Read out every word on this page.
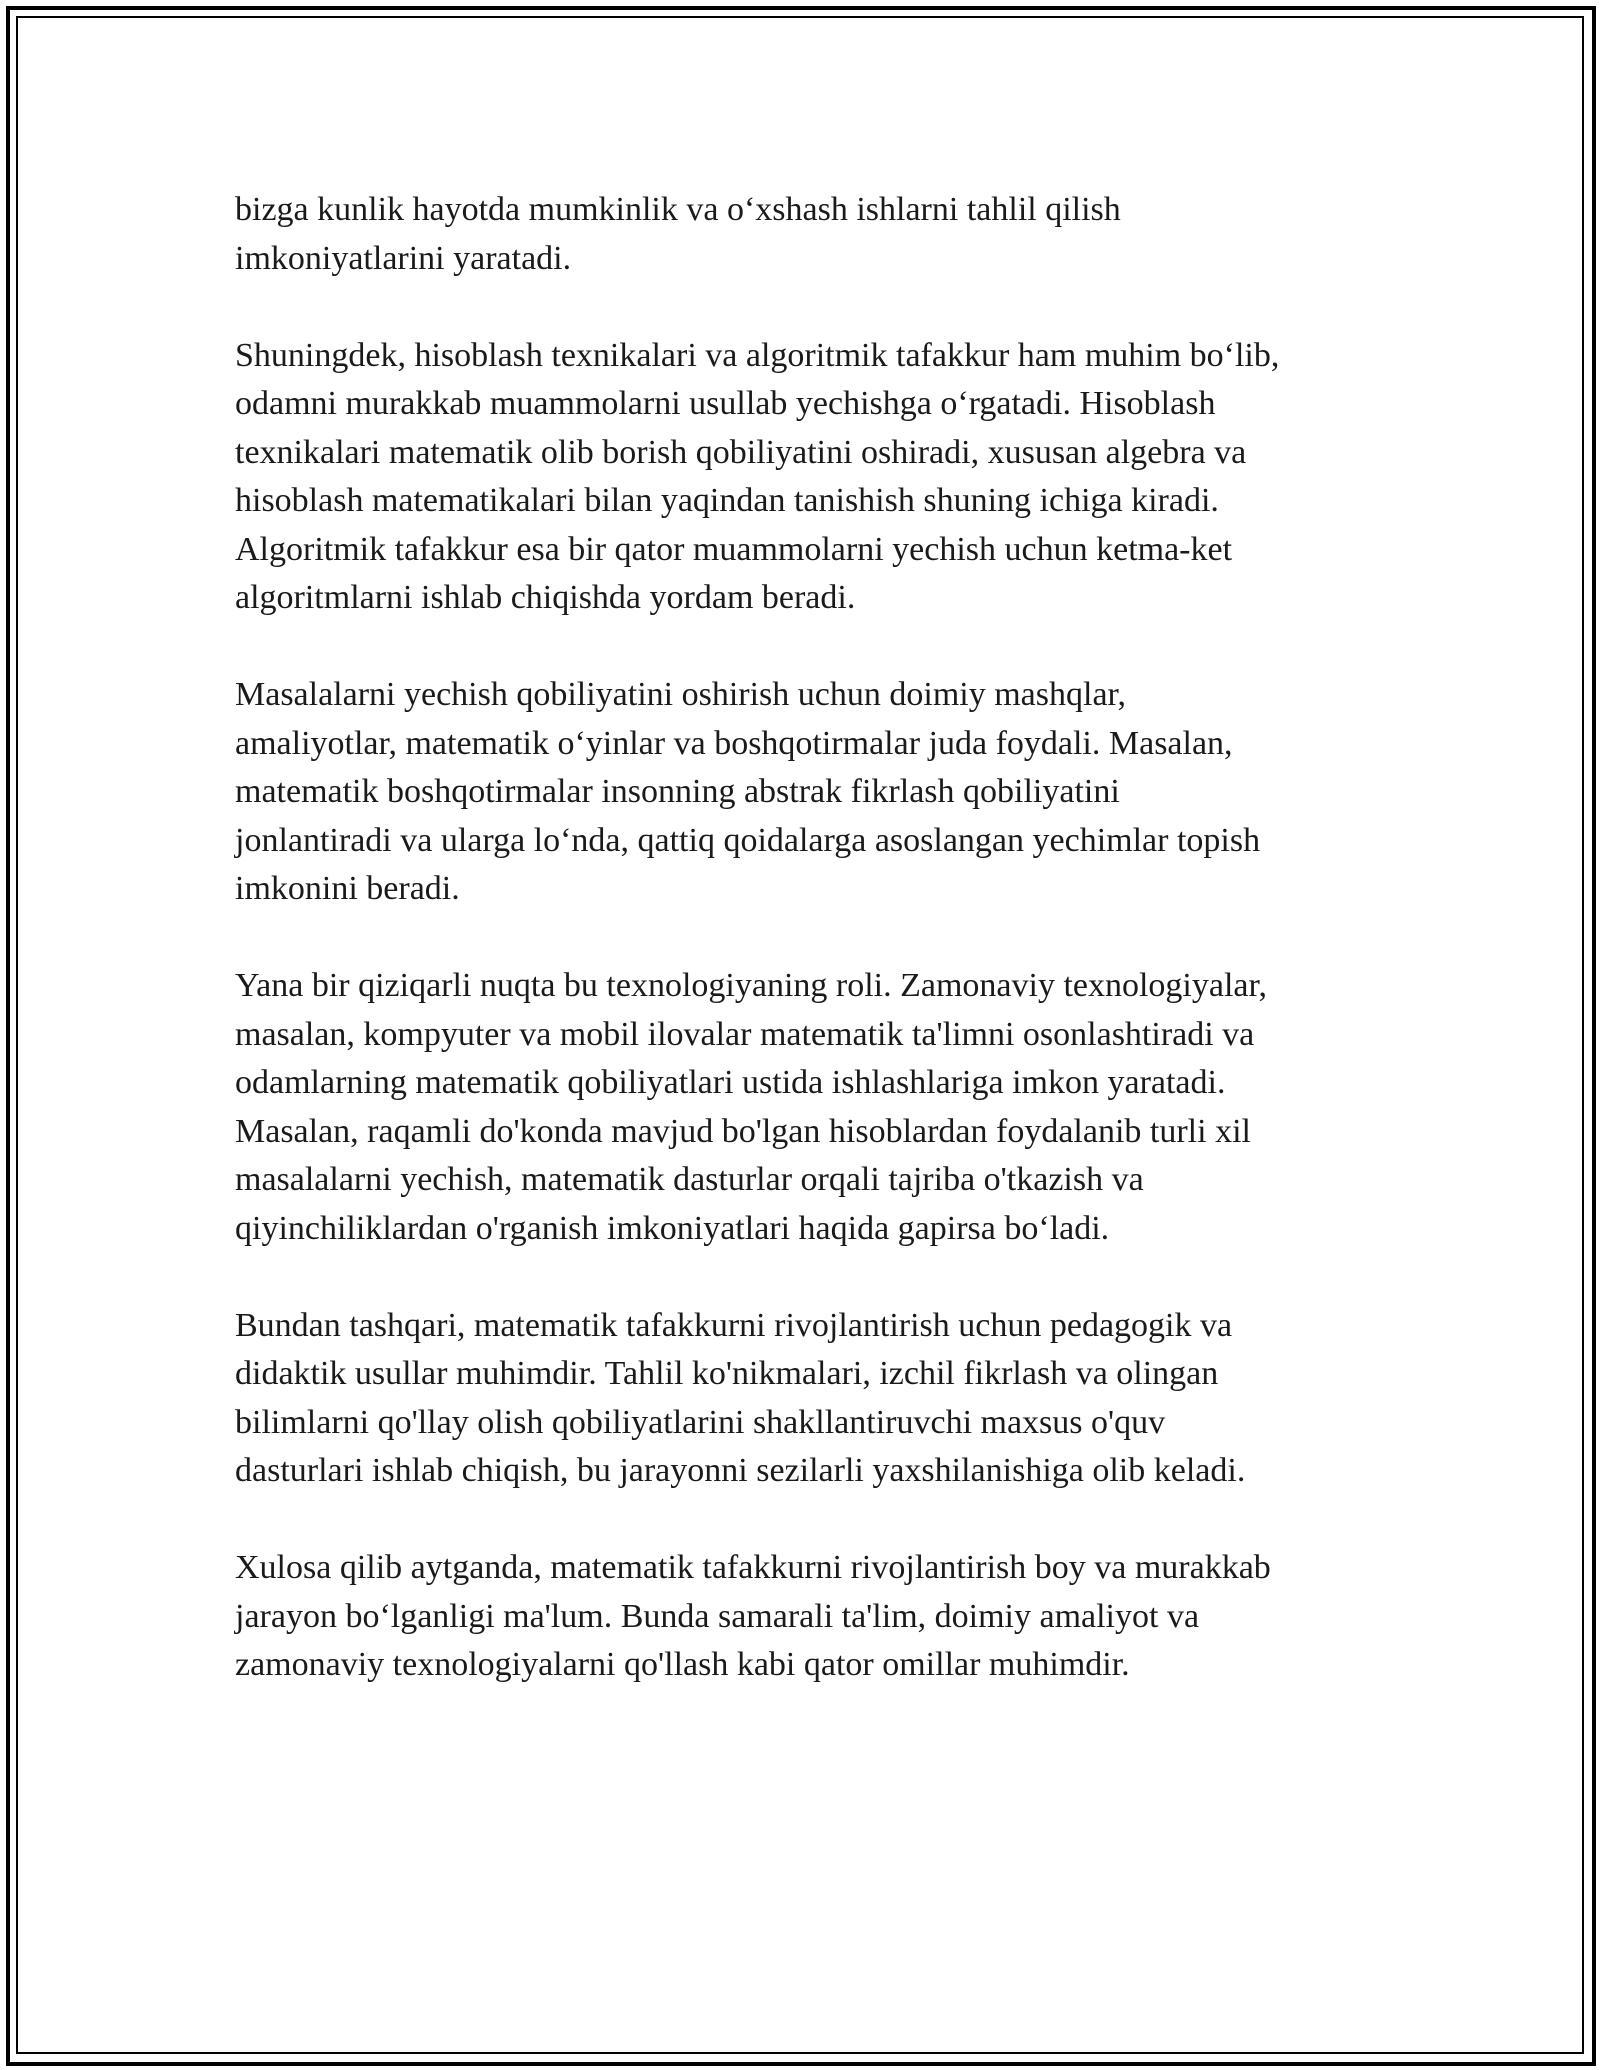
bizga kunlik hayotda mumkinlik va o‘xshash ishlarni tahlil qilish
imkoniyatlarini yaratadi.

Shuningdek, hisoblash texnikalari va algoritmik tafakkur ham muhim bo‘lib,
odamni murakkab muammolarni usullab yechishga o‘rgatadi. Hisoblash
texnikalari matematik olib borish qobiliyatini oshiradi, xususan algebra va
hisoblash matematikalari bilan yaqindan tanishish shuning ichiga kiradi.
Algoritmik tafakkur esa bir qator muammolarni yechish uchun ketma-ket
algoritmlarni ishlab chiqishda yordam beradi.

Masalalarni yechish qobiliyatini oshirish uchun doimiy mashqlar,
amaliyotlar, matematik o‘yinlar va boshqotirmalar juda foydali. Masalan,
matematik boshqotirmalar insonning abstrak fikrlash qobiliyatini
jonlantiradi va ularga lo‘nda, qattiq qoidalarga asoslangan yechimlar topish
imkonini beradi.

Yana bir qiziqarli nuqta bu texnologiyaning roli. Zamonaviy texnologiyalar,
masalan, kompyuter va mobil ilovalar matematik ta'limni osonlashtiradi va
odamlarning matematik qobiliyatlari ustida ishlashlariga imkon yaratadi.
Masalan, raqamli do'konda mavjud bo'lgan hisoblardan foydalanib turli xil
masalalarni yechish, matematik dasturlar orqali tajriba o'tkazish va
qiyinchiliklardan o'rganish imkoniyatlari haqida gapirsa bo‘ladi.

Bundan tashqari, matematik tafakkurni rivojlantirish uchun pedagogik va
didaktik usullar muhimdir. Tahlil ko'nikmalari, izchil fikrlash va olingan
bilimlarni qo'llay olish qobiliyatlarini shakllantiruvchi maxsus o'quv
dasturlari ishlab chiqish, bu jarayonni sezilarli yaxshilanishiga olib keladi.

Xulosa qilib aytganda, matematik tafakkurni rivojlantirish boy va murakkab
jarayon bo‘lganligi ma'lum. Bunda samarali ta'lim, doimiy amaliyot va
zamonaviy texnologiyalarni qo'llash kabi qator omillar muhimdir.
